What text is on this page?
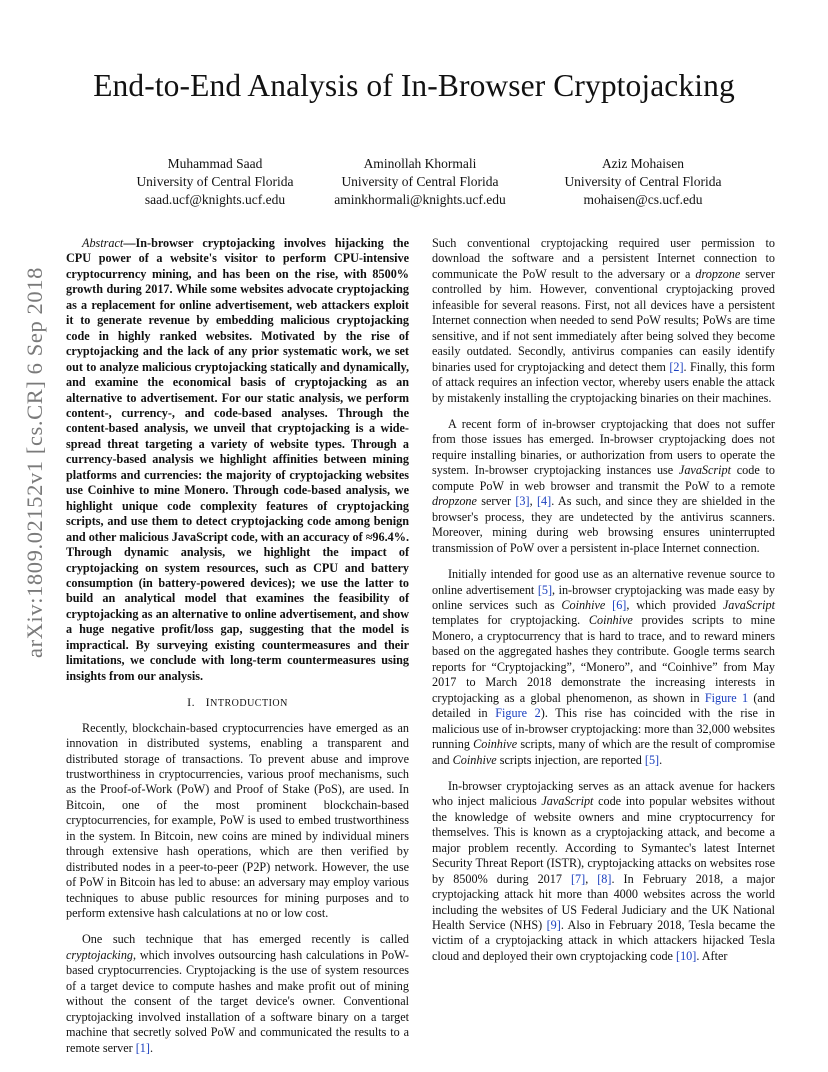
End-to-End Analysis of In-Browser Cryptojacking
Muhammad Saad
University of Central Florida
saad.ucf@knights.ucf.edu
Aminollah Khormali
University of Central Florida
aminkhormali@knights.ucf.edu
Aziz Mohaisen
University of Central Florida
mohaisen@cs.ucf.edu
arXiv:1809.02152v1 [cs.CR] 6 Sep 2018

Abstract—In-browser cryptojacking involves hijacking the CPU power of a website's visitor to perform CPU-intensive cryptocurrency mining, and has been on the rise, with 8500% growth during 2017. While some websites advocate cryptojacking as a replacement for online advertisement, web attackers exploit it to generate revenue by embedding malicious cryptojacking code in highly ranked websites. Motivated by the rise of cryptojacking and the lack of any prior systematic work, we set out to analyze malicious cryptojacking statically and dynamically, and examine the economical basis of cryptojacking as an alternative to advertisement. For our static analysis, we perform content-, currency-, and code-based analyses. Through the content-based analysis, we unveil that cryptojacking is a wide-spread threat targeting a variety of website types. Through a currency-based analysis we highlight affinities between mining platforms and currencies: the majority of cryptojacking websites use Coinhive to mine Monero. Through code-based analysis, we highlight unique code complexity features of cryptojacking scripts, and use them to detect cryptojacking code among benign and other malicious JavaScript code, with an accuracy of ≈96.4%. Through dynamic analysis, we highlight the impact of cryptojacking on system resources, such as CPU and battery consumption (in battery-powered devices); we use the latter to build an analytical model that examines the feasibility of cryptojacking as an alternative to online advertisement, and show a huge negative profit/loss gap, suggesting that the model is impractical. By surveying existing countermeasures and their limitations, we conclude with long-term countermeasures using insights from our analysis.

I. INTRODUCTION

Recently, blockchain-based cryptocurrencies have emerged as an innovation in distributed systems, enabling a transparent and distributed storage of transactions. To prevent abuse and improve trustworthiness in cryptocurrencies, various proof mechanisms, such as the Proof-of-Work (PoW) and Proof of Stake (PoS), are used. In Bitcoin, one of the most prominent blockchain-based cryptocurrencies, for example, PoW is used to embed trustworthiness in the system. In Bitcoin, new coins are mined by individual miners through extensive hash operations, which are then verified by distributed nodes in a peer-to-peer (P2P) network. However, the use of PoW in Bitcoin has led to abuse: an adversary may employ various techniques to abuse public resources for mining purposes and to perform extensive hash calculations at no or low cost.

One such technique that has emerged recently is called cryptojacking, which involves outsourcing hash calculations in PoW-based cryptocurrencies. Cryptojacking is the use of system resources of a target device to compute hashes and make profit out of mining without the consent of the target device's owner. Conventional cryptojacking involved installation of a software binary on a target machine that secretly solved PoW and communicated the results to a remote server [1].

Such conventional cryptojacking required user permission to download the software and a persistent Internet connection to communicate the PoW result to the adversary or a dropzone server controlled by him. However, conventional cryptojacking proved infeasible for several reasons. First, not all devices have a persistent Internet connection when needed to send PoW results; PoWs are time sensitive, and if not sent immediately after being solved they become easily outdated. Secondly, antivirus companies can easily identify binaries used for cryptojacking and detect them [2]. Finally, this form of attack requires an infection vector, whereby users enable the attack by mistakenly installing the cryptojacking binaries on their machines.

A recent form of in-browser cryptojacking that does not suffer from those issues has emerged. In-browser cryptojacking does not require installing binaries, or authorization from users to operate the system. In-browser cryptojacking instances use JavaScript code to compute PoW in web browser and transmit the PoW to a remote dropzone server [3], [4]. As such, and since they are shielded in the browser's process, they are undetected by the antivirus scanners. Moreover, mining during web browsing ensures uninterrupted transmission of PoW over a persistent in-place Internet connection.

Initially intended for good use as an alternative revenue source to online advertisement [5], in-browser cryptojacking was made easy by online services such as Coinhive [6], which provided JavaScript templates for cryptojacking. Coinhive provides scripts to mine Monero, a cryptocurrency that is hard to trace, and to reward miners based on the aggregated hashes they contribute. Google terms search reports for “Cryptojacking”, “Monero”, and “Coinhive” from May 2017 to March 2018 demonstrate the increasing interests in cryptojacking as a global phenomenon, as shown in Figure 1 (and detailed in Figure 2). This rise has coincided with the rise in malicious use of in-browser cryptojacking: more than 32,000 websites running Coinhive scripts, many of which are the result of compromise and Coinhive scripts injection, are reported [5].

In-browser cryptojacking serves as an attack avenue for hackers who inject malicious JavaScript code into popular websites without the knowledge of website owners and mine cryptocurrency for themselves. This is known as a cryptojacking attack, and become a major problem recently. According to Symantec's latest Internet Security Threat Report (ISTR), cryptojacking attacks on websites rose by 8500% during 2017 [7], [8]. In February 2018, a major cryptojacking attack hit more than 4000 websites across the world including the websites of US Federal Judiciary and the UK National Health Service (NHS) [9]. Also in February 2018, Tesla became the victim of a cryptojacking attack in which attackers hijacked Tesla cloud and deployed their own cryptojacking code [10]. After
